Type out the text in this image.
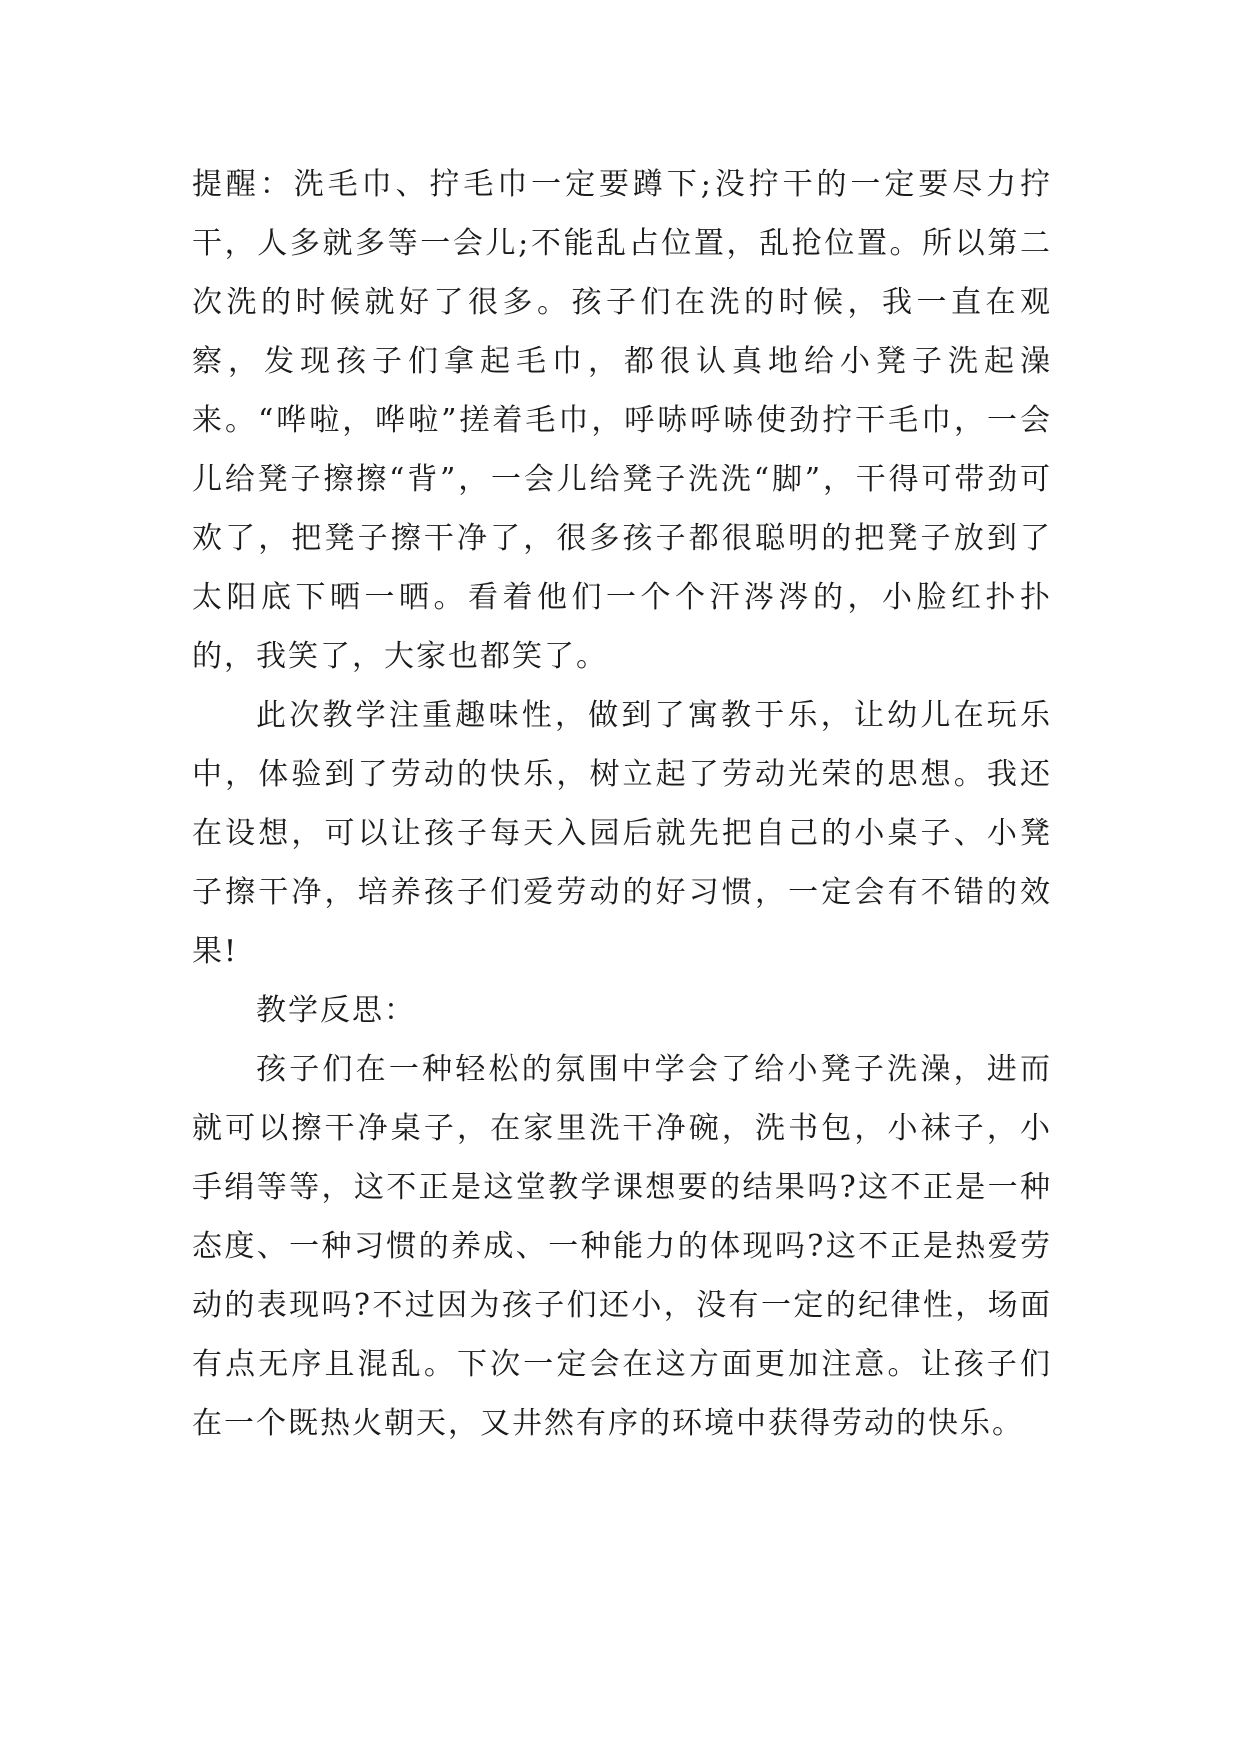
提醒：洗毛巾、拧毛巾一定要蹲下;没拧干的一定要尽力拧干，人多就多等一会儿;不能乱占位置，乱抢位置。所以第二次洗的时候就好了很多。孩子们在洗的时候，我一直在观察，发现孩子们拿起毛巾，都很认真地给小凳子洗起澡来。“哗啦，哗啦”搓着毛巾，呼哧呼哧使劲拧干毛巾，一会儿给凳子擦擦“背”，一会儿给凳子洗洗“脚”，干得可带劲可欢了，把凳子擦干净了，很多孩子都很聪明的把凳子放到了太阳底下晒一晒。看着他们一个个汗涔涔的，小脸红扑扑的，我笑了，大家也都笑了。

此次教学注重趣味性，做到了寓教于乐，让幼儿在玩乐中，体验到了劳动的快乐，树立起了劳动光荣的思想。我还在设想，可以让孩子每天入园后就先把自己的小桌子、小凳子擦干净，培养孩子们爱劳动的好习惯，一定会有不错的效果!

教学反思：

孩子们在一种轻松的氛围中学会了给小凳子洗澡，进而就可以擦干净桌子，在家里洗干净碗，洗书包，小袜子，小手绢等等，这不正是这堂教学课想要的结果吗?这不正是一种态度、一种习惯的养成、一种能力的体现吗?这不正是热爱劳动的表现吗?不过因为孩子们还小，没有一定的纪律性，场面有点无序且混乱。下次一定会在这方面更加注意。让孩子们在一个既热火朝天，又井然有序的环境中获得劳动的快乐。
